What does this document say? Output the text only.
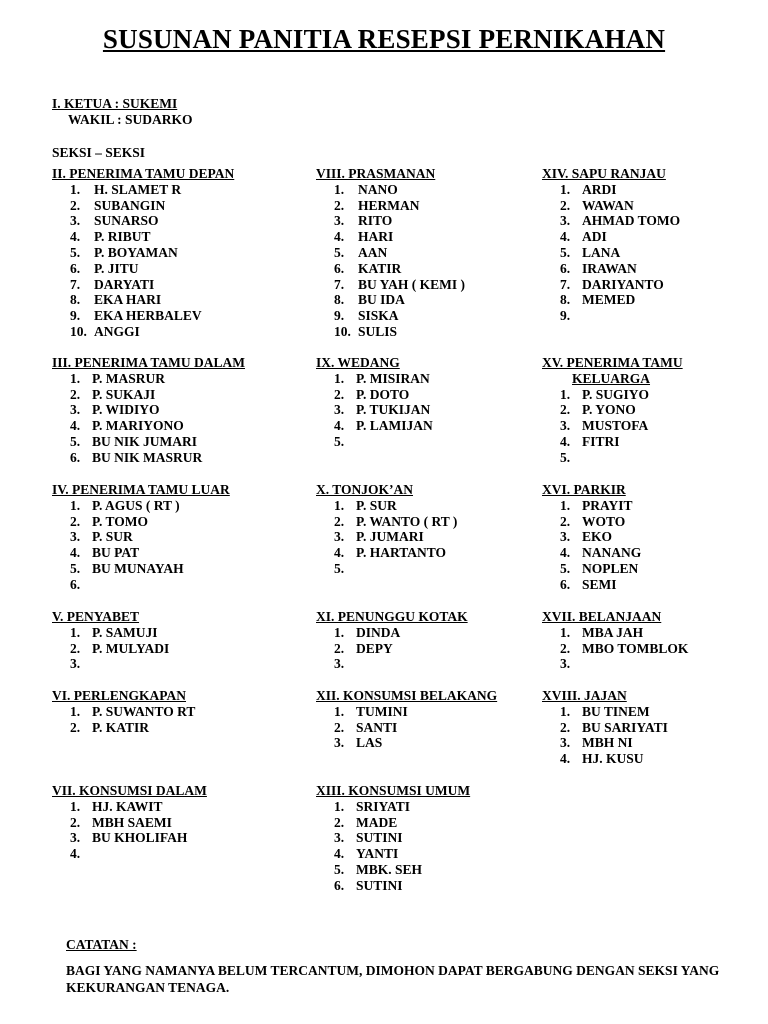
SUSUNAN PANITIA RESEPSI PERNIKAHAN
I. KETUA : SUKEMI
WAKIL : SUDARKO
SEKSI – SEKSI
II. PENERIMA TAMU DEPAN
1.	H. SLAMET R
2.	SUBANGIN
3.	SUNARSO
4.	P. RIBUT
5.	P. BOYAMAN
6.	P. JITU
7.	DARYATI
8.	EKA HARI
9.	EKA HERBALEV
10. ANGGI
III. PENERIMA TAMU DALAM
1. P. MASRUR
2. P. SUKAJI
3. P. WIDIYO
4. P. MARIYONO
5. BU NIK JUMARI
6. BU NIK MASRUR
IV. PENERIMA TAMU LUAR
1. P. AGUS ( RT )
2. P. TOMO
3. P. SUR
4. BU PAT
5. BU MUNAYAH
6.
V. PENYABET
1. P. SAMUJI
2. P. MULYADI
3.
VI. PERLENGKAPAN
1. P. SUWANTO RT
2. P. KATIR
VII. KONSUMSI DALAM
1. HJ. KAWIT
2. MBH SAEMI
3. BU KHOLIFAH
4.
VIII. PRASMANAN
1.	NANO
2.	HERMAN
3.	RITO
4.	HARI
5.	AAN
6.	KATIR
7.	BU YAH ( KEMI )
8.	BU IDA
9.	SISKA
10. SULIS
IX. WEDANG
1. P. MISIRAN
2. P. DOTO
3. P. TUKIJAN
4. P. LAMIJAN
5.
X. TONJOK’AN
1. P. SUR
2. P. WANTO ( RT )
3. P. JUMARI
4. P. HARTANTO
5.
XI. PENUNGGU KOTAK
1. DINDA
2. DEPY
3.
XII. KONSUMSI BELAKANG
1. TUMINI
2. SANTI
3. LAS
XIII. KONSUMSI UMUM
1. SRIYATI
2. MADE
3. SUTINI
4. YANTI
5. MBK. SEH
6. SUTINI
XIV. SAPU RANJAU
1. ARDI
2. WAWAN
3. AHMAD TOMO
4. ADI
5. LANA
6. IRAWAN
7. DARIYANTO
8. MEMED
9.
XV. PENERIMA TAMU
KELUARGA
1. P. SUGIYO
2. P. YONO
3. MUSTOFA
4. FITRI
5.
XVI. PARKIR
1. PRAYIT
2. WOTO
3. EKO
4. NANANG
5. NOPLEN
6. SEMI
XVII. BELANJAAN
1. MBA JAH
2. MBO TOMBLOK
3.
XVIII. JAJAN
1. BU TINEM
2. BU SARIYATI
3. MBH NI
4. HJ. KUSU
CATATAN :
BAGI YANG NAMANYA BELUM TERCANTUM, DIMOHON DAPAT BERGABUNG DENGAN SEKSI YANG KEKURANGAN TENAGA.
